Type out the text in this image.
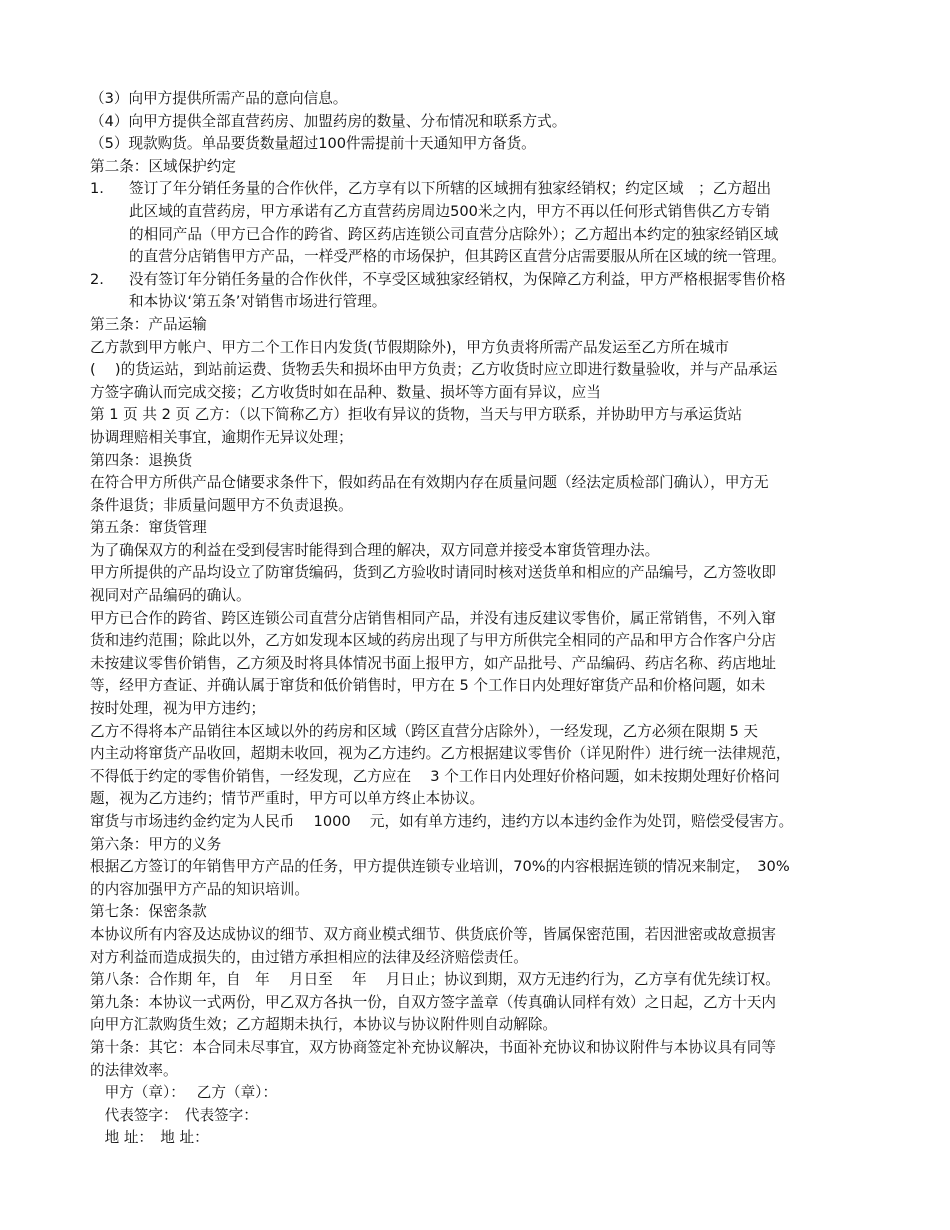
（3）向甲方提供所需产品的意向信息。
（4）向甲方提供全部直营药房、加盟药房的数量、分布情况和联系方式。
（5）现款购货。单品要货数量超过100件需提前十天通知甲方备货。
第二条：区域保护约定
1. 签订了年分销任务量的合作伙伴，乙方享有以下所辖的区域拥有独家经销权；约定区域　；乙方超出
此区域的直营药房，甲方承诺有乙方直营药房周边500米之内，甲方不再以任何形式销售供乙方专销
的相同产品（甲方已合作的跨省、跨区药店连锁公司直营分店除外）；乙方超出本约定的独家经销区域
的直营分店销售甲方产品，一样受严格的市场保护，但其跨区直营分店需要服从所在区域的统一管理。
2. 没有签订年分销任务量的合作伙伴，不享受区域独家经销权，为保障乙方利益，甲方严格根据零售价格
和本协议‘第五条’对销售市场进行管理。
第三条：产品运输
乙方款到甲方帐户、甲方二个工作日内发货(节假期除外)，甲方负责将所需产品发运至乙方所在城市
(　 )的货运站，到站前运费、货物丢失和损坏由甲方负责；乙方收货时应立即进行数量验收，并与产品承运
方签字确认而完成交接；乙方收货时如在品种、数量、损坏等方面有异议，应当
第 1 页 共 2 页 乙方：（以下简称乙方）拒收有异议的货物，当天与甲方联系，并协助甲方与承运货站
协调理赔相关事宜，逾期作无异议处理；
第四条：退换货
在符合甲方所供产品仓储要求条件下，假如药品在有效期内存在质量问题（经法定质检部门确认），甲方无
条件退货；非质量问题甲方不负责退换。
第五条：窜货管理
为了确保双方的利益在受到侵害时能得到合理的解决，双方同意并接受本窜货管理办法。
甲方所提供的产品均设立了防窜货编码，货到乙方验收时请同时核对送货单和相应的产品编号，乙方签收即
视同对产品编码的确认。
甲方已合作的跨省、跨区连锁公司直营分店销售相同产品，并没有违反建议零售价，属正常销售，不列入窜
货和违约范围；除此以外，乙方如发现本区域的药房出现了与甲方所供完全相同的产品和甲方合作客户分店
未按建议零售价销售，乙方须及时将具体情况书面上报甲方，如产品批号、产品编码、药店名称、药店地址
等，经甲方查证、并确认属于窜货和低价销售时，甲方在 5 个工作日内处理好窜货产品和价格问题，如未
按时处理，视为甲方违约；
乙方不得将本产品销往本区域以外的药房和区域（跨区直营分店除外），一经发现，乙方必须在限期 5 天
内主动将窜货产品收回，超期未收回，视为乙方违约。乙方根据建议零售价（详见附件）进行统一法律规范，
不得低于约定的零售价销售，一经发现，乙方应在　 3 个工作日内处理好价格问题，如未按期处理好价格问
题，视为乙方违约；情节严重时，甲方可以单方终止本协议。
窜货与市场违约金约定为人民币　 1000　 元，如有单方违约，违约方以本违约金作为处罚，赔偿受侵害方。
第六条：甲方的义务
根据乙方签订的年销售甲方产品的任务，甲方提供连锁专业培训，70%的内容根据连锁的情况来制定，　30%
的内容加强甲方产品的知识培训。
第七条：保密条款
本协议所有内容及达成协议的细节、双方商业模式细节、供货底价等，皆属保密范围，若因泄密或故意损害
对方利益而造成损失的，由过错方承担相应的法律及经济赔偿责任。
第八条：合作期 年，自　年　 月日至　 年　 月日止；协议到期，双方无违约行为，乙方享有优先续订权。
第九条：本协议一式两份，甲乙双方各执一份，自双方签字盖章（传真确认同样有效）之日起，乙方十天内
向甲方汇款购货生效；乙方超期未执行，本协议与协议附件则自动解除。
第十条：其它：本合同未尽事宜，双方协商签定补充协议解决，书面补充协议和协议附件与本协议具有同等
的法律效率。
　甲方（章）：　 乙方（章）：
　代表签字：　代表签字：
　地 址：　地 址：
